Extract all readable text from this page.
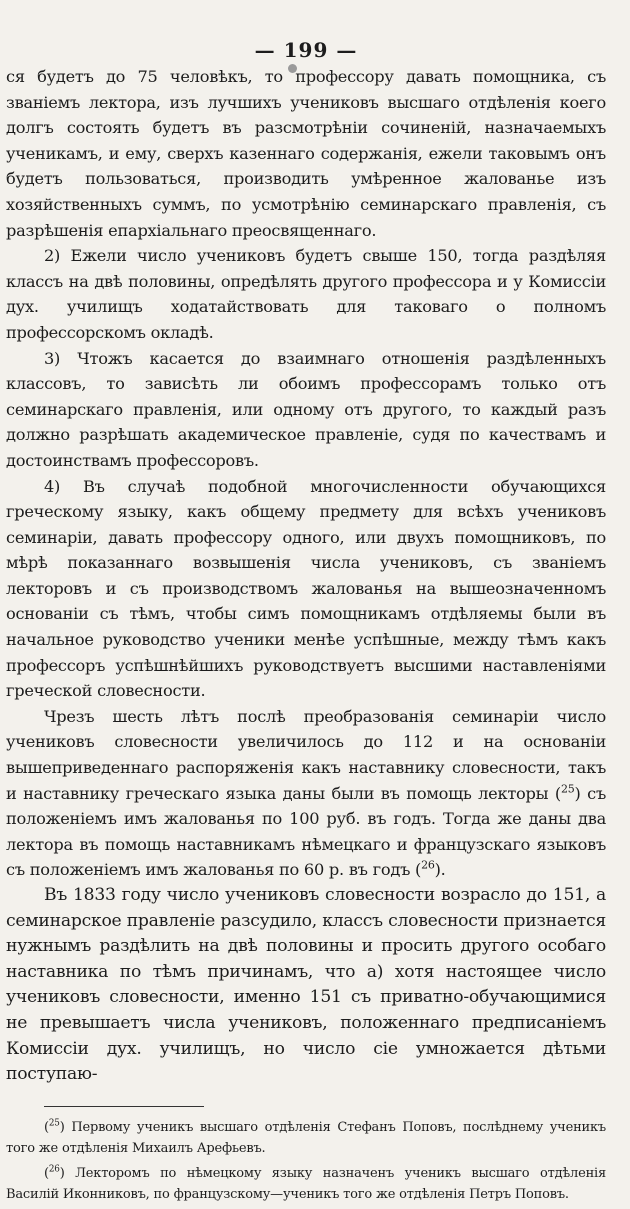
— 199 —

ся будетъ до 75 человѣкъ, то профессору давать помощника, съ званіемъ лектора, изъ лучшихъ учениковъ высшаго отдѣленія коего долгъ состоять будетъ въ разсмотрѣніи сочиненій, назначаемыхъ ученикамъ, и ему, сверхъ казеннаго содержанія, ежели таковымъ онъ будетъ пользоваться, производить умѣренное жалованье изъ хозяйственныхъ суммъ, по усмотрѣнію семинарскаго правленія, съ разрѣшенія епархіальнаго преосвященнаго.

2) Ежели число учениковъ будетъ свыше 150, тогда раздѣляя классъ на двѣ половины, опредѣлять другого профессора и у Комиссіи дух. училищъ ходатайствовать для таковаго о полномъ профессорскомъ окладѣ.

3) Чтожъ касается до взаимнаго отношенія раздѣленныхъ классовъ, то зависѣть ли обоимъ профессорамъ только отъ семинарскаго правленія, или одному отъ другого, то каждый разъ должно разрѣшать академическое правленіе, судя по качествамъ и достоинствамъ профессоровъ.

4) Въ случаѣ подобной многочисленности обучающихся греческому языку, какъ общему предмету для всѣхъ учениковъ семинаріи, давать профессору одного, или двухъ помощниковъ, по мѣрѣ показаннаго возвышенія числа учениковъ, съ званіемъ лекторовъ и съ производствомъ жалованья на вышеозначенномъ основаніи съ тѣмъ, чтобы симъ помощникамъ отдѣляемы были въ начальное руководство ученики менѣе успѣшные, между тѣмъ какъ профессоръ успѣшнѣйшихъ руководствуетъ высшими наставленіями греческой словесности.

Чрезъ шесть лѣтъ послѣ преобразованія семинаріи число учениковъ словесности увеличилось до 112 и на основаніи вышеприведеннаго распоряженія какъ наставнику словесности, такъ и наставнику греческаго языка даны были въ помощь лекторы ($^{25}$) съ положеніемъ имъ жалованья по 100 руб. въ годъ. Тогда же даны два лектора въ помощь наставникамъ нѣмецкаго и французскаго языковъ съ положеніемъ имъ жалованья по 60 р. въ годъ ($^{26}$).

Въ 1833 году число учениковъ словесности возрасло до 151, а семинарское правленіе разсудило, классъ словесности признается нужнымъ раздѣлить на двѣ половины и просить другого особаго наставника по тѣмъ причинамъ, что а) хотя настоящее число учениковъ словесности, именно 151 съ приватно-обучающимися не превышаетъ числа учениковъ, положеннаго предписаніемъ Комиссіи дух. училищъ, но число сіе умножается дѣтьми поступаю-

($^{25}$) Первому ученикъ высшаго отдѣленія Стефанъ Поповъ, послѣднему ученикъ того же отдѣленія Михаилъ Арефьевъ.
($^{26}$) Лекторомъ по нѣмецкому языку назначенъ ученикъ высшаго отдѣленія Василій Иконниковъ, по французскому—ученикъ того же отдѣленія Петръ Поповъ.
